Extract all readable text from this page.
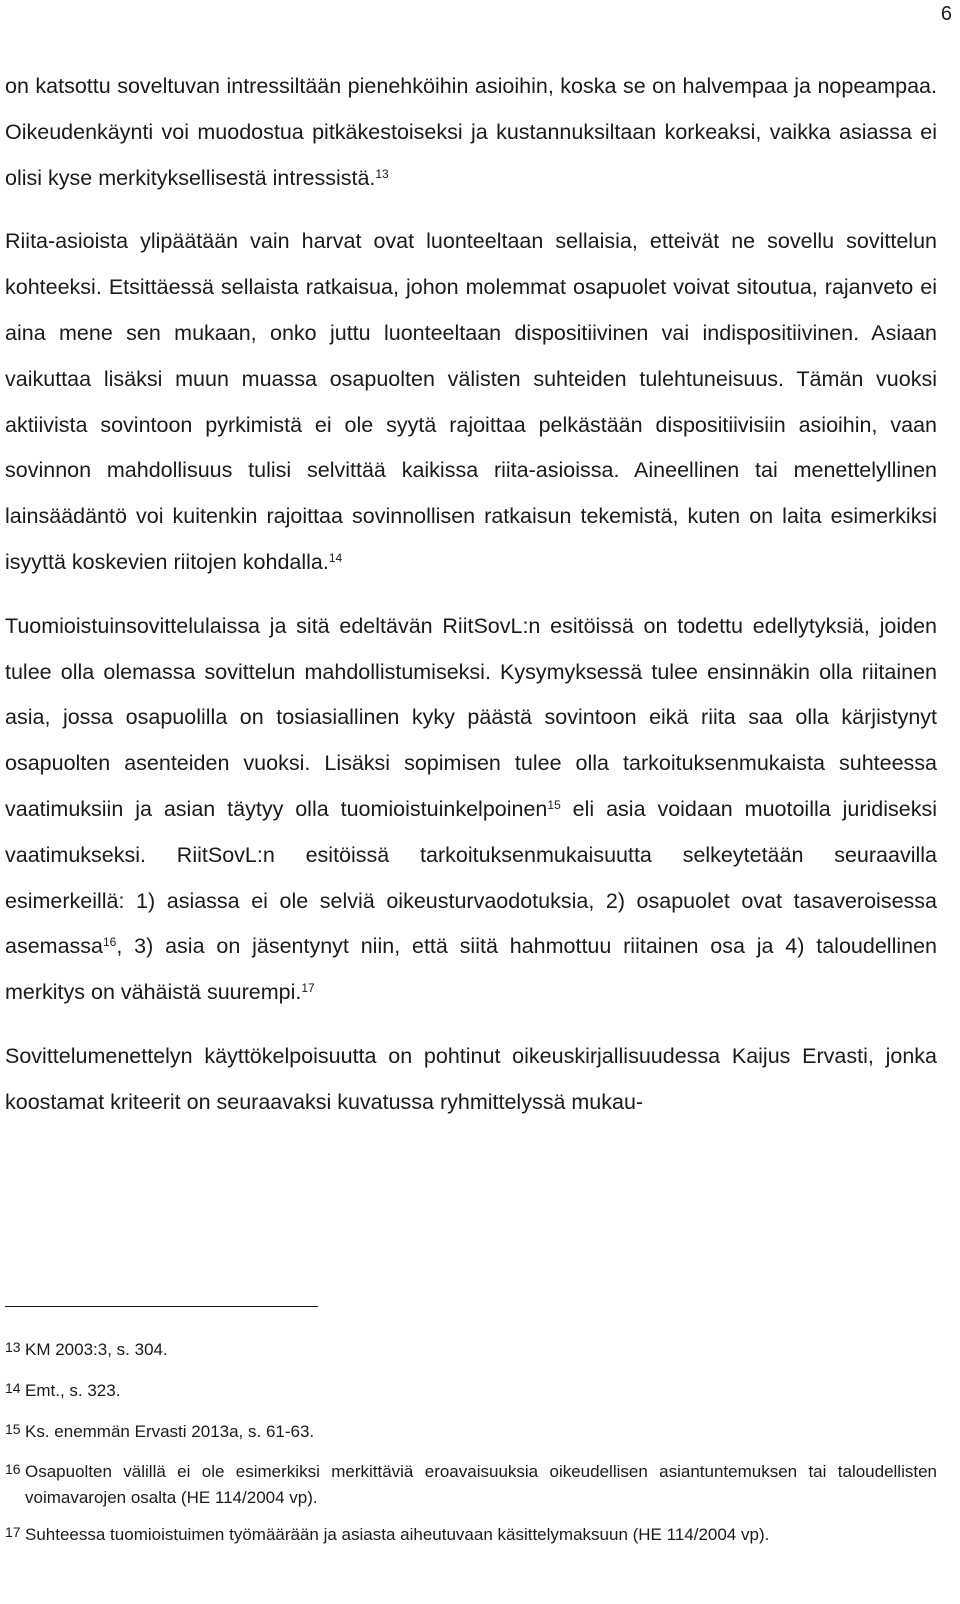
6

on katsottu soveltuvan intressiltään pienehköihin asioihin, koska se on halvempaa ja nopeampaa. Oikeudenkäynti voi muodostua pitkäkestoiseksi ja kustannuksiltaan korkeaksi, vaikka asiassa ei olisi kyse merkityksellisestä intressistä.$^{13}$

Riita-asioista ylipäätään vain harvat ovat luonteeltaan sellaisia, etteivät ne sovellu sovittelun kohteeksi. Etsittäessä sellaista ratkaisua, johon molemmat osapuolet voivat sitoutua, rajanveto ei aina mene sen mukaan, onko juttu luonteeltaan dispositiivinen vai indispositiivinen. Asiaan vaikuttaa lisäksi muun muassa osapuolten välisten suhteiden tulehtuneisuus. Tämän vuoksi aktiivista sovintoon pyrkimistä ei ole syytä rajoittaa pelkästään dispositiivisiin asioihin, vaan sovinnon mahdollisuus tulisi selvittää kaikissa riita-asioissa. Aineellinen tai menettelyllinen lainsäädäntö voi kuitenkin rajoittaa sovinnollisen ratkaisun tekemistä, kuten on laita esimerkiksi isyyttä koskevien riitojen kohdalla.$^{14}$

Tuomioistuinsovittelulaissa ja sitä edeltävän RiitSovL:n esitöissä on todettu edellytyksiä, joiden tulee olla olemassa sovittelun mahdollistumiseksi. Kysymyksessä tulee ensinnäkin olla riitainen asia, jossa osapuolilla on tosiasiallinen kyky päästä sovintoon eikä riita saa olla kärjistynyt osapuolten asenteiden vuoksi. Lisäksi sopimisen tulee olla tarkoituksenmukaista suhteessa vaatimuksiin ja asian täytyy olla tuomioistuinkelpoinen$^{15}$ eli asia voidaan muotoilla juridiseksi vaatimukseksi. RiitSovL:n esitöissä tarkoituksenmukaisuutta selkeytetään seuraavilla esimerkeillä: 1) asiassa ei ole selviä oikeusturvaodotuksia, 2) osapuolet ovat tasaveroisessa asemassa$^{16}$, 3) asia on jäsentynyt niin, että siitä hahmottuu riitainen osa ja 4) taloudellinen merkitys on vähäistä suurempi.$^{17}$

Sovittelumenettelyn käyttökelpoisuutta on pohtinut oikeuskirjallisuudessa Kaijus Ervasti, jonka koostamat kriteerit on seuraavaksi kuvatussa ryhmittelyssä mukau-

13 KM 2003:3, s. 304.
14 Emt., s. 323.
15 Ks. enemmän Ervasti 2013a, s. 61-63.
16 Osapuolten välillä ei ole esimerkiksi merkittäviä eroavaisuuksia oikeudellisen asiantuntemuksen tai taloudellisten voimavarojen osalta (HE 114/2004 vp).
17 Suhteessa tuomioistuimen työmäärään ja asiasta aiheutuvaan käsittelymaksuun (HE 114/2004 vp).
